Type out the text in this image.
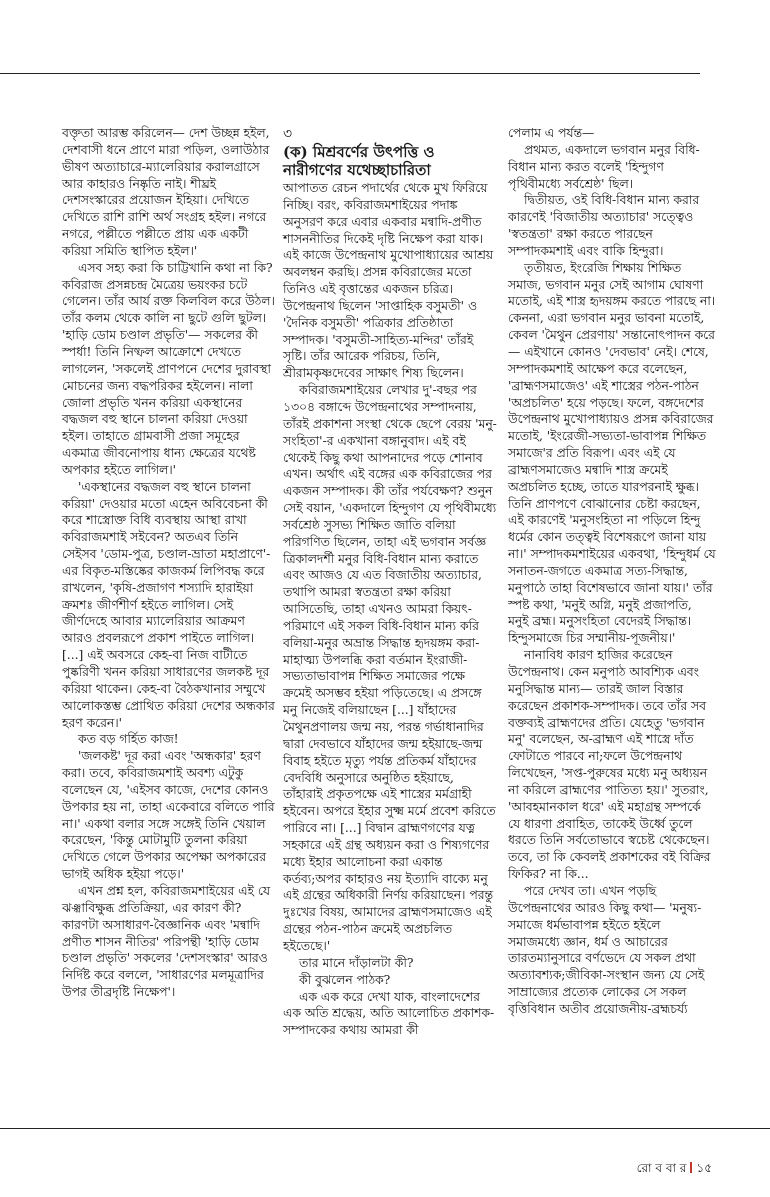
বক্তৃতা আরম্ভ করিলেন— দেশ উচ্ছন্ন হইল, দেশবাসী ধনে প্রাণে মারা পড়িল, ওলাউঠার ভীষণ অত্যাচারে-ম্যালেরিয়ার করালগ্রাসে আর কাহারও নিষ্কৃতি নাই। শীঘ্রই দেশসংস্কারের প্রয়োজন ইহিয়া। দেখিতে দেখিতে রাশি রাশি অর্থ সংগ্রহ হইল। নগরে নগরে, পল্লীতে পল্লীতে প্রায় এক একটী করিয়া সমিতি স্থাপিত হইল।'

এসব সহ্য করা কি চাট্টিখানি কথা না কি? কবিরাজ প্রসন্নচন্দ্র মৈত্রেয় ভয়ংকর চটে গেলেন। তাঁর আর্য রক্ত কিলবিল করে উঠল। তাঁর কলম থেকে কালি না ছুটে গুলি ছুটল। 'হাড়ি ডোম চণ্ডাল প্রভৃতি'— সকলের কী স্পর্ধা! তিনি নিষ্ফল আক্রোশে দেখতে লাগলেন, 'সকলেই প্রাণপনে দেশের দুরাবস্থা মোচনের জন্য বদ্ধপরিকর হইলেন। নালা জোলা প্রভৃতি খনন করিয়া একস্থানের বদ্ধজল বহু স্থানে চালনা করিয়া দেওয়া হইল। তাহাতে গ্রামবাসী প্রজা সমূহের একমাত্র জীবনোপায় ধান্য ক্ষেত্রের যথেষ্ট অপকার হইতে লাগিল।'

'একস্থানের বদ্ধজল বহু স্থানে চালনা করিয়া' দেওয়ার মতো এহেন অবিবেচনা কী করে শাস্ত্রোক্ত বিধি ব্যবস্থায় আস্থা রাখা কবিরাজমশাই সইবেন? অতএব তিনি সেইসব 'ডোম-পুত্র, চণ্ডাল-ভ্রাতা মহাপ্রাণে'-এর বিকৃত-মস্তিষ্কের কাজকর্ম লিপিবদ্ধ করে রাখলেন, 'কৃষি-প্রজাগণ শস্যাদি হারাইয়া ক্রমশঃ জীর্ণশীর্ণ হইতে লাগিল। সেই জীর্ণদেহে আবার ম্যালেরিয়ার আক্রমণ আরও প্রবলরূপে প্রকাশ পাইতে লাগিল। [...] এই অবসরে কেহ-বা নিজ বাটীতে পুষ্করিণী খনন করিয়া সাধারণের জলকষ্ট দূর করিয়া থাকেন। কেহ-বা বৈঠকখানার সম্মুখে আলোকস্তম্ভ প্রোথিত করিয়া দেশের অন্ধকার হরণ করেন।'

কত বড় গর্হিত কাজ!

'জলকষ্ট' দূর করা এবং 'অন্ধকার' হরণ করা। তবে, কবিরাজমশাই অবশ্য এটুকু বলেছেন যে, 'এইসব কাজে, দেশের কোনও উপকার হয় না, তাহা একেবারে বলিতে পারি না।' একথা বলার সঙ্গে সঙ্গেই তিনি খেয়াল করেছেন, 'কিন্তু মোটামুটি তুলনা করিয়া দেখিতে গেলে উপকার অপেক্ষা অপকারের ভাগই অধিক হইয়া পড়ে।'

এখন প্রশ্ন হল, কবিরাজমশাইয়ের এই যে ঝঞ্ঝাবিক্ষুব্ধ প্রতিক্রিয়া, এর কারণ কী? কারণটা অসাধারণ-বৈজ্ঞানিক এবং 'মন্বাদি প্রণীত শাসন নীতির' পরিপন্থী 'হাড়ি ডোম চণ্ডাল প্রভৃতি' সকলের 'দেশসংস্কার' আরও নির্দিষ্ট করে বললে, 'সাধারণের মলমূত্রাদির উপর তীব্রদৃষ্টি নিক্ষেপ'।

৩
(ক) মিশ্রবর্ণের উৎপত্তি ও নারীগণের যথেচ্ছাচারিতা

আপাতত রেচন পদার্থের থেকে মুখ ফিরিয়ে নিচ্ছি। বরং, কবিরাজমশাইয়ের পদাঙ্ক অনুসরণ করে এবার একবার মন্বাদি-প্রণীত শাসননীতির দিকেই দৃষ্টি নিক্ষেপ করা যাক। এই কাজে উপেন্দ্রনাথ মুখোপাধ্যায়ের আশ্রয় অবলম্বন করছি। প্রসন্ন কবিরাজের মতো তিনিও এই বৃত্তান্তের একজন চরিত্র। উপেন্দ্রনাথ ছিলেন 'সাপ্তাহিক বসুমতী' ও 'দৈনিক বসুমতী' পত্রিকার প্রতিষ্ঠাতা সম্পাদক। 'বসুমতী-সাহিত্য-মন্দির' তাঁরই সৃষ্টি। তাঁর আরেক পরিচয়, তিনি, শ্রীরামকৃষ্ণদেবের সাক্ষাৎ শিষ্য ছিলেন।

কবিরাজমশাইয়ের লেখার দু'-বছর পর ১৩০৪ বঙ্গাব্দে উপেন্দ্রনাথের সম্পাদনায়, তাঁরই প্রকাশনা সংস্থা থেকে ছেপে বেরয় 'মনু-সংহিতা'-র একখানা বঙ্গানুবাদ। এই বই থেকেই কিছু কথা আপনাদের পড়ে শোনাব এখন। অর্থাৎ এই বঙ্গের এক কবিরাজের পর একজন সম্পাদক। কী তাঁর পর্যবেক্ষণ? শুনুন সেই বয়ান, 'একদালে হিন্দুগণ যে পৃথিবীমধ্যে সর্বশ্রেষ্ঠ সুসভ্য শিক্ষিত জাতি বলিয়া পরিগণিত ছিলেন, তাহা এই ভগবান সর্বজ্ঞ ত্রিকালদর্শী মনুর বিধি-বিধান মান্য করাতে এবং আজও যে এত বিজাতীয় অত্যাচার, তথাপি আমরা স্বতন্ত্রতা রক্ষা করিয়া আসিতেছি, তাহা এখনও আমরা কিয়ৎ-পরিমাণে এই সকল বিধি-বিধান মান্য করি বলিয়া-মনুর অভ্রান্ত সিদ্ধান্ত হৃদয়ঙ্গম করা-মাহাত্ম্য উপলব্ধি করা বর্তমান ইংরাজী-সভ্যতাভাবাপন্ন শিক্ষিত সমাজের পক্ষে ক্রমেই অসম্ভব হইয়া পড়িতেছে। এ প্রসঙ্গে মনু নিজেই বলিয়াছেন [...] যাঁহাদের মৈথুনপ্রণালয় জন্ম নয়, পরন্ত গর্ভাধানাদির দ্বারা দেবভাবে যাঁহাদের জন্ম হইয়াছে-জন্ম বিবাহ হইতে মৃত্যু পর্যন্ত প্রতিকর্ম যাঁহাদের বেদবিধি অনুসারে অনুষ্ঠিত হইয়াছে, তাঁহারাই প্রকৃতপক্ষে এই শাস্ত্রের মর্মগ্রাহী হইবেন। অপরে ইহার সুক্ষ্ম মর্মে প্রবেশ করিতে পারিবে না। [...] বিদ্বান ব্রাহ্মণগণের যত্ন সহকারে এই গ্রন্থ অধ্যয়ন করা ও শিষ্যগণের মধ্যে ইহার আলোচনা করা একান্ত কর্তব্য;অপর কাহারও নয় ইত্যাদি বাক্যে মনু এই গ্রন্থের অধিকারী নির্ণয় করিয়াছেন। পরন্তু দুঃখের বিষয়, আমাদের ব্রাহ্মণসমাজেও এই গ্রন্থের পঠন-পাঠন ক্রমেই অপ্রচলিত হইতেছে।'

তার মানে দাঁড়ালটা কী?

কী বুঝলেন পাঠক?

এক এক করে দেখা যাক, বাংলাদেশের এক অতি শ্রদ্ধেয়, অতি আলোচিত প্রকাশক-সম্পাদকের কথায় আমরা কী

পেলাম এ পর্যন্ত—

প্রথমত, একদালে ভগবান মনুর বিধি-বিধান মান্য করত বলেই 'হিন্দুগণ পৃথিবীমধ্যে সর্বশ্রেষ্ঠ' ছিল।

দ্বিতীয়ত, ওই বিধি-বিধান মান্য করার কারণেই 'বিজাতীয় অত্যাচার' সত্ত্বেও 'স্বতন্ত্রতা' রক্ষা করতে পারছেন সম্পাদকমশাই এবং বাকি হিন্দুরা।

তৃতীয়ত, ইংরেজি শিক্ষায় শিক্ষিত সমাজ, ভগবান মনুর সেই আগাম ঘোষণা মতোই, এই শাস্ত্র হৃদয়ঙ্গম করতে পারছে না। কেননা, এরা ভগবান মনুর ভাবনা মতোই, কেবল 'মৈথুন প্রেরণায়' সন্তানোৎপাদন করে— এইখানে কোনও 'দেবভাব' নেই। শেষে, সম্পাদকমশাই আক্ষেপ করে বলেছেন, 'ব্রাহ্মণসমাজেও' এই শাস্ত্রের পঠন-পাঠন 'অপ্রচলিত' হয়ে পড়ছে। ফলে, বঙ্গদেশের উপেন্দ্রনাথ মুখোপাধ্যায়ও প্রসন্ন কবিরাজের মতোই, 'ইংরেজী-সভ্যতা-ভাবাপন্ন শিক্ষিত সমাজে'র প্রতি বিরূপ। এবং এই যে ব্রাহ্মণসমাজেও মন্বাদি শাস্ত্র ক্রমেই অপ্রচলিত হচ্ছে, তাতে যারপরনাই ক্ষুব্ধ। তিনি প্রাণপণে বোঝানোর চেষ্টা করছেন, এই কারণেই 'মনুসংহিতা না পড়িলে হিন্দু ধর্মের কোন তত্ত্বই বিশেষরূপে জানা যায় না।' সম্পাদকমশাইয়ের একবথা, 'হিন্দুধর্ম যে সনাতন-জগতে একমাত্র সত্য-সিদ্ধান্ত, মনুপাঠে তাহা বিশেষভাবে জানা যায়।' তাঁর স্পষ্ট কথা, 'মনুই অগ্নি, মনুই প্রজাপতি, মনুই ব্রহ্ম। মনুসংহিতা বেদেরই সিদ্ধান্ত। হিন্দুসমাজে চির সম্মানীয়-পূজনীয়।'

নানাবিধ কারণ হাজির করেছেন উপেন্দ্রনাথ। কেন মনুপাঠ আবশ্যিক এবং মনুসিদ্ধান্ত মান্য— তারই জাল বিস্তার করেছেন প্রকাশক-সম্পাদক। তবে তাঁর সব বক্তব্যই ব্রাহ্মণদের প্রতি। যেহেতু 'ভগবান মনু' বলেছেন, অ-ব্রাহ্মণ এই শাস্ত্রে দাঁত ফোটাতে পারবে না;ফলে উপেন্দ্রনাথ লিখেছেন, 'সপ্ত-পুরুষের মধ্যে মনু অধ্যয়ন না করিলে ব্রাহ্মণের পাতিত্য হয়।' সুতরাং, 'আবহমানকাল ধরে' এই মহাগ্রন্থ সম্পর্কে যে ধারণা প্রবাহিত, তাকেই উর্ধ্বে তুলে ধরতে তিনি সর্বতোভাবে স্বচেষ্ট থেকেছেন। তবে, তা কি কেবলই প্রকাশকের বই বিক্রির ফিকির? না কি...

পরে দেখব তা। এখন পড়ছি উপেন্দ্রনাথের আরও কিছু কথা— 'মনুষ্য-সমাজে ধর্মভাবাপন্ন হইতে হইলে সমাজমধ্যে জ্ঞান, ধর্ম ও আচারের তারতম্যানুসারে বর্ণভেদে যে সকল প্রথা অত্যাবশ্যক;জীবিকা-সংস্থান জন্য যে সেই সাম্রাজ্যের প্রত্যেক লোকের সে সকল বৃত্তিবিধান অতীব প্রয়োজনীয়-ব্রহ্মচর্য্য

রো ব বা র ১৫
